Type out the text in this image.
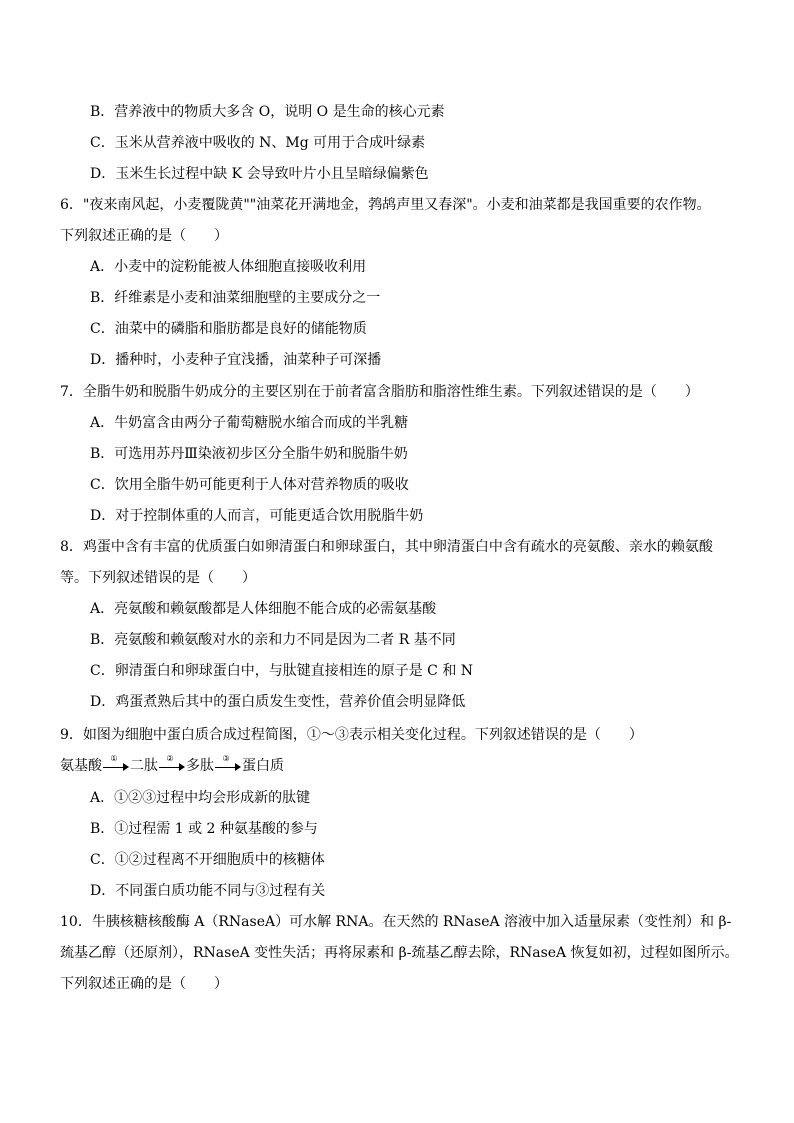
B．营养液中的物质大多含 O，说明 O 是生命的核心元素
C．玉米从营养液中吸收的 N、Mg 可用于合成叶绿素
D．玉米生长过程中缺 K 会导致叶片小且呈暗绿偏紫色
6．"夜来南风起，小麦覆陇黄""油菜花开满地金，鹁鸪声里又春深"。小麦和油菜都是我国重要的农作物。
下列叙述正确的是（　　）
A．小麦中的淀粉能被人体细胞直接吸收利用
B．纤维素是小麦和油菜细胞壁的主要成分之一
C．油菜中的磷脂和脂肪都是良好的储能物质
D．播种时，小麦种子宜浅播，油菜种子可深播
7．全脂牛奶和脱脂牛奶成分的主要区别在于前者富含脂肪和脂溶性维生素。下列叙述错误的是（　　）
A．牛奶富含由两分子葡萄糖脱水缩合而成的半乳糖
B．可选用苏丹Ⅲ染液初步区分全脂牛奶和脱脂牛奶
C．饮用全脂牛奶可能更利于人体对营养物质的吸收
D．对于控制体重的人而言，可能更适合饮用脱脂牛奶
8．鸡蛋中含有丰富的优质蛋白如卵清蛋白和卵球蛋白，其中卵清蛋白中含有疏水的亮氨酸、亲水的赖氨酸
等。下列叙述错误的是（　　）
A．亮氨酸和赖氨酸都是人体细胞不能合成的必需氨基酸
B．亮氨酸和赖氨酸对水的亲和力不同是因为二者 R 基不同
C．卵清蛋白和卵球蛋白中，与肽键直接相连的原子是 C 和 N
D．鸡蛋煮熟后其中的蛋白质发生变性，营养价值会明显降低
9．如图为细胞中蛋白质合成过程简图，①～③表示相关变化过程。下列叙述错误的是（　　）
氨基酸	① 二肽	② 多肽	③ 蛋白质
A．①②③过程中均会形成新的肽键
B．①过程需 1 或 2 种氨基酸的参与
C．①②过程离不开细胞质中的核糖体
D．不同蛋白质功能不同与③过程有关
10．牛胰核糖核酸酶 A（RNaseA）可水解 RNA。在天然的 RNaseA 溶液中加入适量尿素（变性剂）和 β-
巯基乙醇（还原剂），RNaseA 变性失活；再将尿素和 β-巯基乙醇去除，RNaseA 恢复如初，过程如图所示。
下列叙述正确的是（　　）
